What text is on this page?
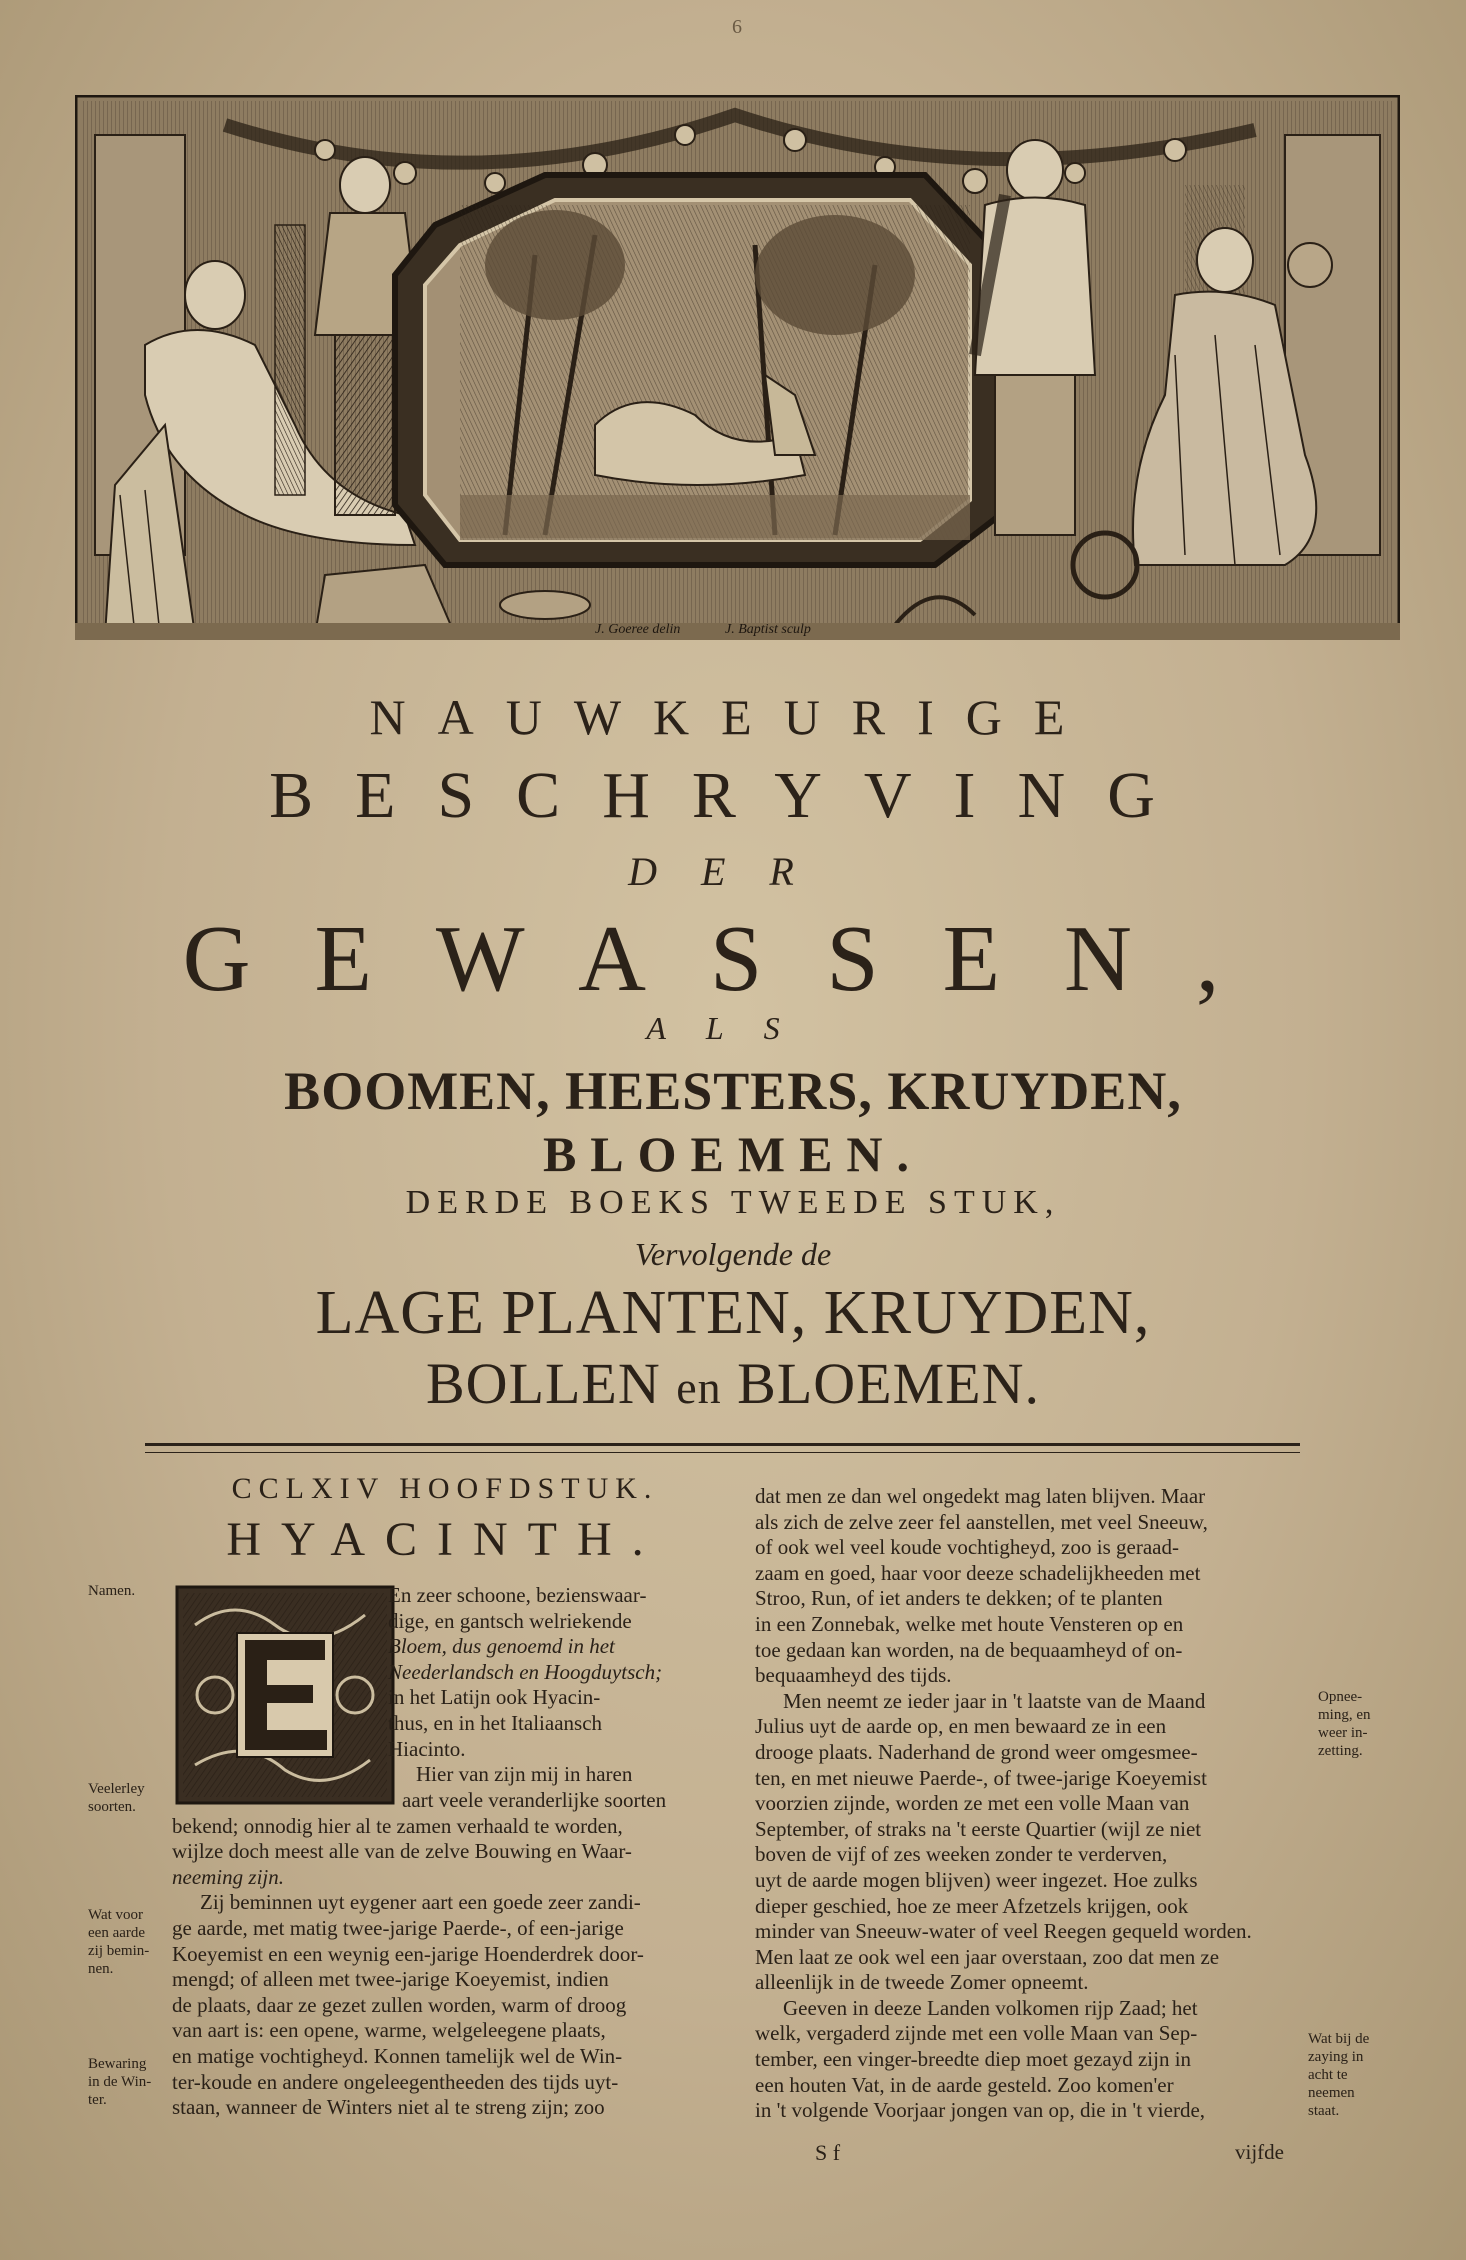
6
J. Goeree delin	J. Baptist sculp
NAUWKEURIGE
BESCHRYVING
DER
GEWASSEN,
ALS
BOOMEN, HEESTERS, KRUYDEN,
BLOEMEN.
DERDE BOEKS TWEEDE STUK,
Vervolgende de
LAGE PLANTEN, KRUYDEN,
BOLLEN en BLOEMEN.
CCLXIV HOOFDSTUK.
HYACINTH.
En zeer schoone, bezienswaar-
dige, en gantsch welriekende
Bloem, dus genoemd in het
Neederlandsch en Hoogduytsch;
in het Latijn ook Hyacin-
thus, en in het Italiaansch
Hiacinto.
Hier van zijn mij in haren
aart veele veranderlijke soorten
bekend; onnodig hier al te zamen verhaald te worden,
wijlze doch meest alle van de zelve Bouwing en Waar-
neeming zijn.
Zij beminnen uyt eygener aart een goede zeer zandi-
ge aarde, met matig twee-jarige Paerde-, of een-jarige
Koeyemist en een weynig een-jarige Hoenderdrek door-
mengd; of alleen met twee-jarige Koeyemist, indien
de plaats, daar ze gezet zullen worden, warm of droog
van aart is: een opene, warme, welgeleegene plaats,
en matige vochtigheyd. Konnen tamelijk wel de Win-
ter-koude en andere ongeleegentheeden des tijds uyt-
staan, wanneer de Winters niet al te streng zijn; zoo
dat men ze dan wel ongedekt mag laten blijven. Maar
als zich de zelve zeer fel aanstellen, met veel Sneeuw,
of ook wel veel koude vochtigheyd, zoo is geraad-
zaam en goed, haar voor deeze schadelijkheeden met
Stroo, Run, of iet anders te dekken; of te planten
in een Zonnebak, welke met houte Vensteren op en
toe gedaan kan worden, na de bequaamheyd of on-
bequaamheyd des tijds.
Men neemt ze ieder jaar in 't laatste van de Maand
Julius uyt de aarde op, en men bewaard ze in een
drooge plaats. Naderhand de grond weer omgesmee-
ten, en met nieuwe Paerde-, of twee-jarige Koeyemist
voorzien zijnde, worden ze met een volle Maan van
September, of straks na 't eerste Quartier (wijl ze niet
boven de vijf of zes weeken zonder te verderven,
uyt de aarde mogen blijven) weer ingezet. Hoe zulks
dieper geschied, hoe ze meer Afzetzels krijgen, ook
minder van Sneeuw-water of veel Reegen gequeld worden.
Men laat ze ook wel een jaar overstaan, zoo dat men ze
alleenlijk in de tweede Zomer opneemt.
Geeven in deeze Landen volkomen rijp Zaad; het
welk, vergaderd zijnde met een volle Maan van Sep-
tember, een vinger-breedte diep moet gezayd zijn in
een houten Vat, in de aarde gesteld. Zoo komen'er
in 't volgende Voorjaar jongen van op, die in 't vierde,
Namen.
Veelerley
soorten.
Wat voor
een aarde
zij bemin-
nen.
Bewaring
in de Win-
ter.
Opnee-
ming, en
weer in-
zetting.
Wat bij de
zaying in
acht te
neemen
staat.
S f	vijfde
